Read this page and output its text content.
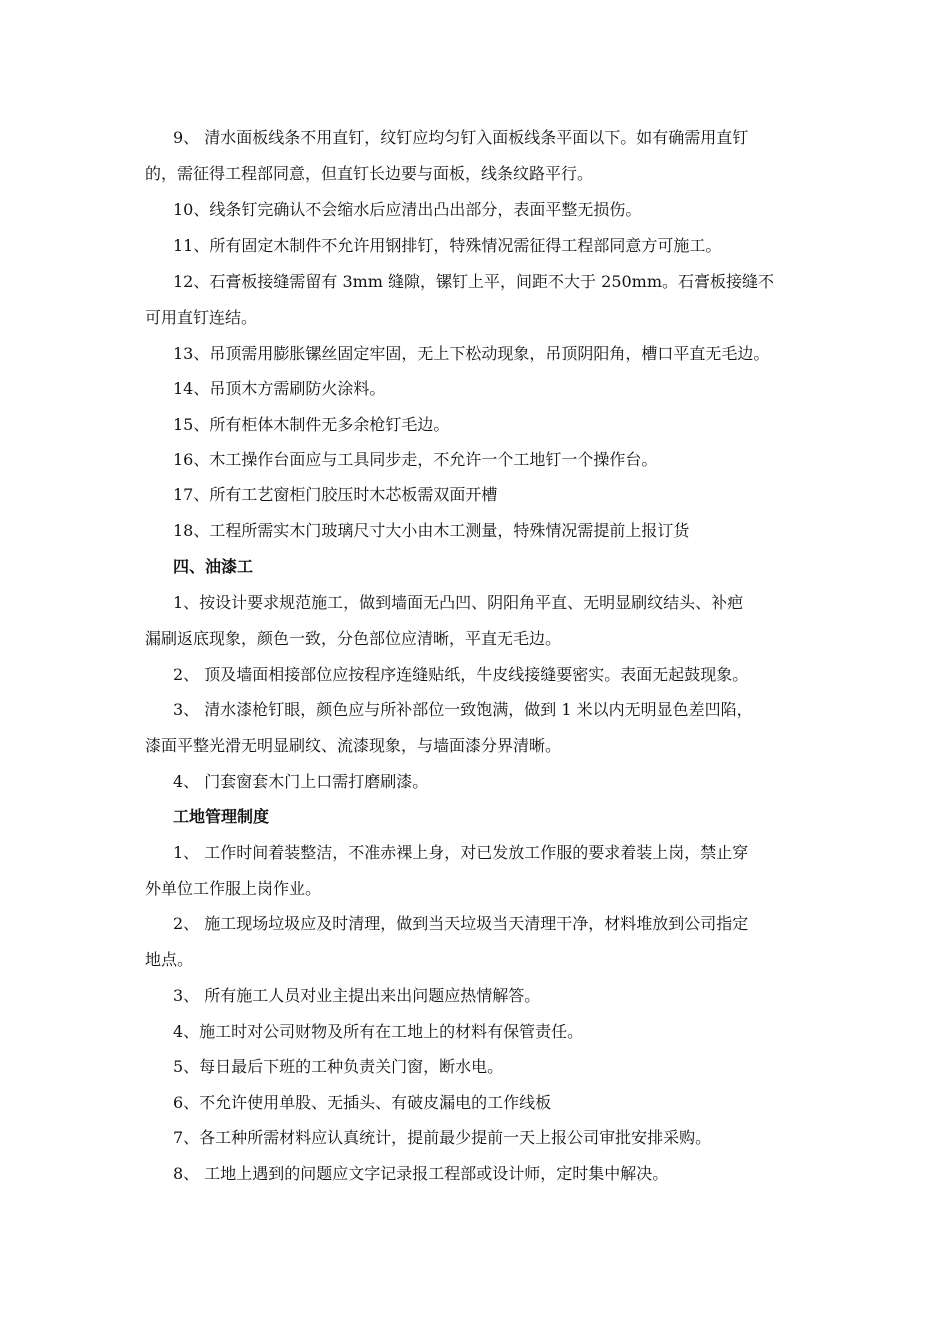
9、 清水面板线条不用直钉，纹钉应均匀钉入面板线条平面以下。如有确需用直钉
的，需征得工程部同意，但直钉长边要与面板，线条纹路平行。
10、线条钉完确认不会缩水后应清出凸出部分，表面平整无损伤。
11、所有固定木制件不允许用钢排钉，特殊情况需征得工程部同意方可施工。
12、石膏板接缝需留有 3mm 缝隙，镙钉上平，间距不大于 250mm。石膏板接缝不
可用直钉连结。
13、吊顶需用膨胀镙丝固定牢固，无上下松动现象，吊顶阴阳角，槽口平直无毛边。
14、吊顶木方需刷防火涂料。
15、所有柜体木制件无多余枪钉毛边。
16、木工操作台面应与工具同步走，不允许一个工地钉一个操作台。
17、所有工艺窗柜门胶压时木芯板需双面开槽
18、工程所需实木门玻璃尺寸大小由木工测量，特殊情况需提前上报订货
四、油漆工
1、按设计要求规范施工，做到墙面无凸凹、阴阳角平直、无明显刷纹结头、补疤
漏刷返底现象，颜色一致，分色部位应清晰，平直无毛边。
2、 顶及墙面相接部位应按程序连缝贴纸，牛皮线接缝要密实。表面无起鼓现象。
3、 清水漆枪钉眼，颜色应与所补部位一致饱满，做到 1 米以内无明显色差凹陷，
漆面平整光滑无明显刷纹、流漆现象，与墙面漆分界清晰。
4、 门套窗套木门上口需打磨刷漆。
工地管理制度
1、 工作时间着装整洁，不准赤裸上身，对已发放工作服的要求着装上岗，禁止穿
外单位工作服上岗作业。
2、 施工现场垃圾应及时清理，做到当天垃圾当天清理干净，材料堆放到公司指定
地点。
3、 所有施工人员对业主提出来出问题应热情解答。
4、施工时对公司财物及所有在工地上的材料有保管责任。
5、每日最后下班的工种负责关门窗，断水电。
6、不允许使用单股、无插头、有破皮漏电的工作线板
7、各工种所需材料应认真统计，提前最少提前一天上报公司审批安排采购。
8、 工地上遇到的问题应文字记录报工程部或设计师，定时集中解决。
